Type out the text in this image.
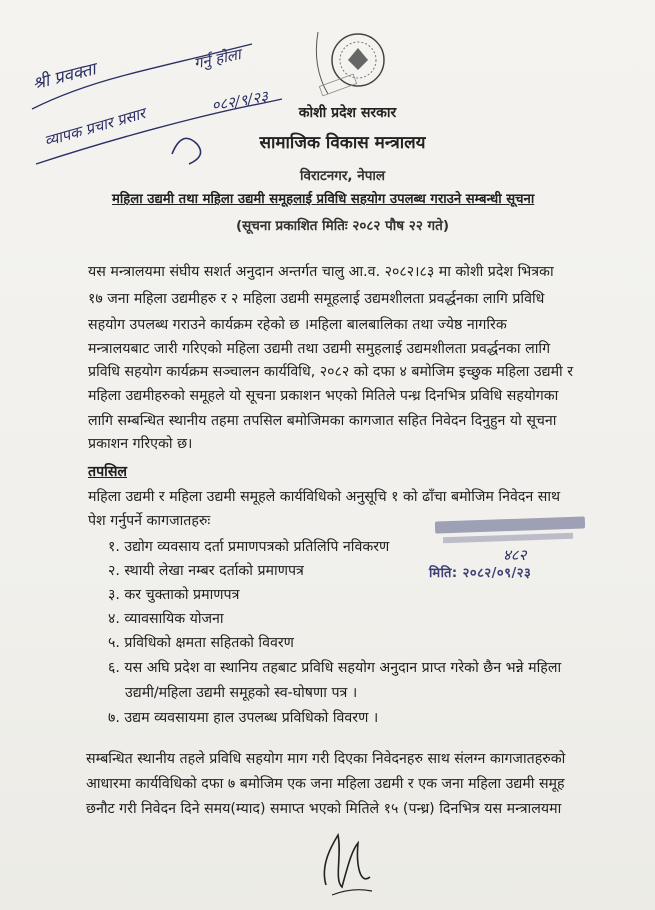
श्री प्रवक्ता
व्यापक प्रचार प्रसार
गर्नु होला
०८२/९/२३	कोशी प्रदेश सरकार
सामाजिक विकास मन्त्रालय
विराटनगर, नेपाल
महिला उद्यमी तथा महिला उद्यमी समूहलाई प्रविधि सहयोग उपलब्ध गराउने सम्बन्धी सूचना
(सूचना प्रकाशित मितिः २०८२ पौष २२ गते)
यस मन्त्रालयमा संघीय सशर्त अनुदान अन्तर्गत चालु आ.व. २०८२।८३ मा कोशी प्रदेश भित्रका
१७ जना महिला उद्यमीहरु र २ महिला उद्यमी समूहलाई उद्यमशीलता प्रवर्द्धनका लागि प्रविधि
सहयोग उपलब्ध गराउने कार्यक्रम रहेको छ ।महिला बालबालिका तथा ज्येष्ठ नागरिक
मन्त्रालयबाट जारी गरिएको महिला उद्यमी तथा उद्यमी समुहलाई उद्यमशीलता प्रवर्द्धनका लागि
प्रविधि सहयोग कार्यक्रम सञ्चालन कार्यविधि, २०८२ को दफा ४ बमोजिम इच्छुक महिला उद्यमी र
महिला उद्यमीहरुको समूहले यो सूचना प्रकाशन भएको मितिले पन्ध्र दिनभित्र प्रविधि सहयोगका
लागि सम्बन्धित स्थानीय तहमा तपसिल बमोजिमका कागजात सहित निवेदन दिनुहुन यो सूचना
प्रकाशन गरिएको छ।
तपसिल
महिला उद्यमी र महिला उद्यमी समूहले कार्यविधिको अनुसूचि १ को ढाँचा बमोजिम निवेदन साथ
पेश गर्नुपर्ने कागजातहरुः
१. उद्योग व्यवसाय दर्ता प्रमाणपत्रको प्रतिलिपि नविकरण
२. स्थायी लेखा नम्बर दर्ताको प्रमाणपत्र
३. कर चुक्ताको प्रमाणपत्र
४. व्यावसायिक योजना
५. प्रविधिको क्षमता सहितको विवरण
६. यस अघि प्रदेश वा स्थानिय तहबाट प्रविधि सहयोग अनुदान प्राप्त गरेको छैन भन्ने महिला
उद्यमी/महिला उद्यमी समूहको स्व-घोषणा पत्र ।
७. उद्यम व्यवसायमा हाल उपलब्ध प्रविधिको विवरण ।
४८२
मिति: २०८२/०९/२३
सम्बन्धित स्थानीय तहले प्रविधि सहयोग माग गरी दिएका निवेदनहरु साथ संलग्न कागजातहरुको
आधारमा कार्यविधिको दफा ७ बमोजिम एक जना महिला उद्यमी र एक जना महिला उद्यमी समूह
छनौट गरी निवेदन दिने समय(म्याद) समाप्त भएको मितिले १५ (पन्ध्र) दिनभित्र यस मन्त्रालयमा
